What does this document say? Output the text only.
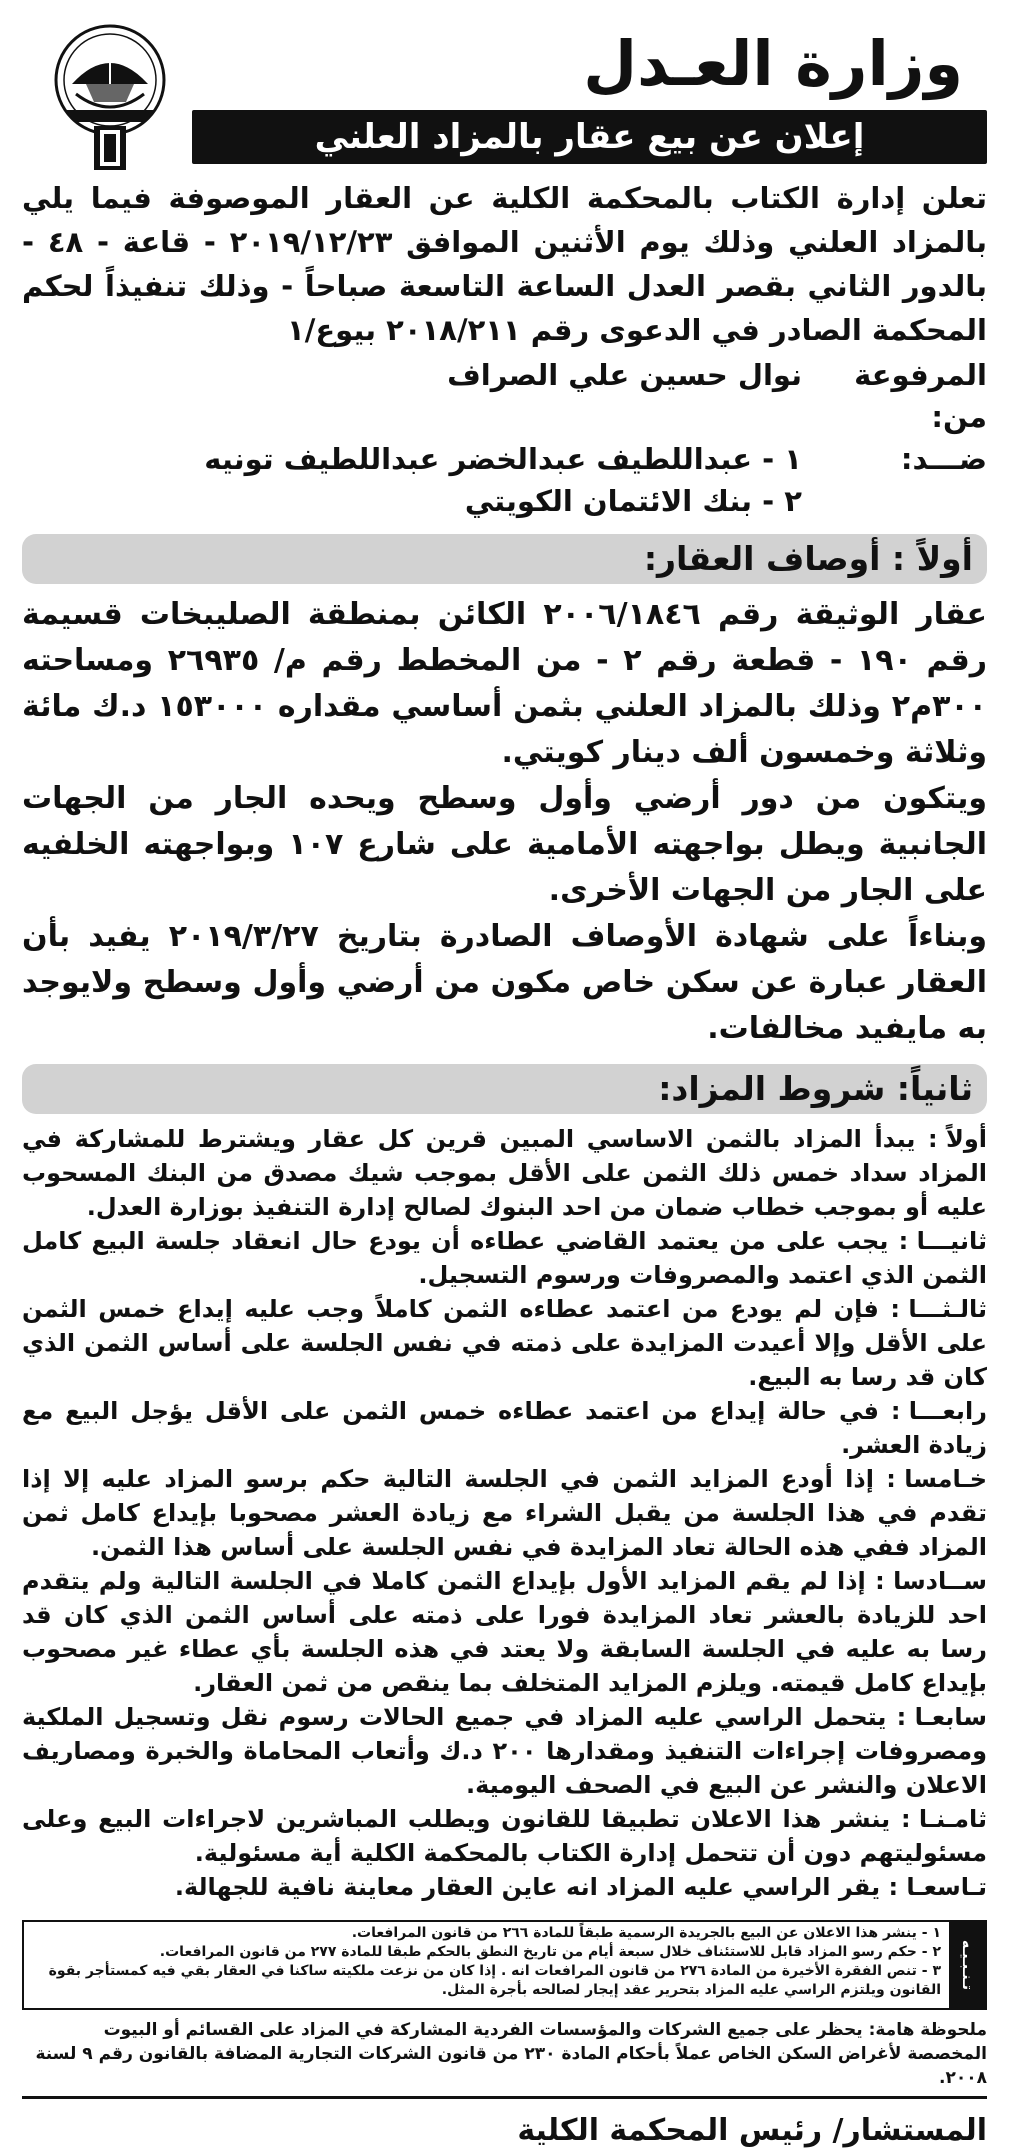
وزارة العـدل
إعلان عن بيع عقار بالمزاد العلني

تعلن إدارة الكتاب بالمحكمة الكلية عن العقار الموصوفة فيما يلي بالمزاد العلني وذلك يوم الأثنين الموافق ٢٠١٩/١٢/٢٣ - قاعة - ٤٨ - بالدور الثاني بقصر العدل الساعة التاسعة صباحاً - وذلك تنفيذاً لحكم المحكمة الصادر في الدعوى رقم ٢٠١٨/٢١١ بيوع/١

المرفوعة من:
نوال حسين علي الصراف
ضـــد:
١ - عبداللطيف عبدالخضر عبداللطيف تونيه
٢ - بنك الائتمان الكويتي
أولاً : أوصاف العقار:

عقار الوثيقة رقم ٢٠٠٦/١٨٤٦ الكائن بمنطقة الصليبخات قسيمة رقم ١٩٠ - قطعة رقم ٢ - من المخطط رقم م/ ٢٦٩٣٥ ومساحته ٣٠٠م٢ وذلك بالمزاد العلني بثمن أساسي مقداره ١٥٣٠٠٠ د.ك مائة وثلاثة وخمسون ألف دينار كويتي.

ويتكون من دور أرضي وأول وسطح ويحده الجار من الجهات الجانبية ويطل بواجهته الأمامية على شارع ١٠٧ وبواجهته الخلفيه على الجار من الجهات الأخرى.

وبناءاً على شهادة الأوصاف الصادرة بتاريخ ٢٠١٩/٣/٢٧ يفيد بأن العقار عبارة عن سكن خاص مكون من أرضي وأول وسطح ولايوجد به مايفيد مخالفات.

ثانياً: شروط المزاد:

أولاً : يبدأ المزاد بالثمن الاساسي المبين قرين كل عقار ويشترط للمشاركة في المزاد سداد خمس ذلك الثمن على الأقل بموجب شيك مصدق من البنك المسحوب عليه أو بموجب خطاب ضمان من احد البنوك لصالح إدارة التنفيذ بوزارة العدل.

ثانيـــا : يجب على من يعتمد القاضي عطاءه أن يودع حال انعقاد جلسة البيع كامل الثمن الذي اعتمد والمصروفات ورسوم التسجيل.

ثالـثـــا : فإن لم يودع من اعتمد عطاءه الثمن كاملاً وجب عليه إيداع خمس الثمن على الأقل وإلا أعيدت المزايدة على ذمته في نفس الجلسة على أساس الثمن الذي كان قد رسا به البيع.

رابعـــا : في حالة إيداع من اعتمد عطاءه خمس الثمن على الأقل يؤجل البيع مع زيادة العشر.

خـامسا : إذا أودع المزايد الثمن في الجلسة التالية حكم برسو المزاد عليه إلا إذا تقدم في هذا الجلسة من يقبل الشراء مع زيادة العشر مصحوبا بإيداع كامل ثمن المزاد ففي هذه الحالة تعاد المزايدة في نفس الجلسة على أساس هذا الثمن.

ســادسا : إذا لم يقم المزايد الأول بإيداع الثمن كاملا في الجلسة التالية ولم يتقدم احد للزيادة بالعشر تعاد المزايدة فورا على ذمته على أساس الثمن الذي كان قد رسا به عليه في الجلسة السابقة ولا يعتد في هذه الجلسة بأي عطاء غير مصحوب بإيداع كامل قيمته. ويلزم المزايد المتخلف بما ينقص من ثمن العقار.

سابعـا : يتحمل الراسي عليه المزاد في جميع الحالات رسوم نقل وتسجيل الملكية ومصروفات إجراءات التنفيذ ومقدارها ٢٠٠ د.ك وأتعاب المحاماة والخبرة ومصاريف الاعلان والنشر عن البيع في الصحف اليومية.

ثامـنـا : ينشر هذا الاعلان تطبيقا للقانون ويطلب المباشرين لاجراءات البيع وعلى مسئوليتهم دون أن تتحمل إدارة الكتاب بالمحكمة الكلية أية مسئولية.

تـاسعـا : يقر الراسي عليه المزاد انه عاين العقار معاينة نافية للجهالة.

تـنـبـيـه
١ - ينشر هذا الاعلان عن البيع بالجريدة الرسمية طبقاً للمادة ٢٦٦ من قانون المرافعات.
٢ - حكم رسو المزاد قابل للاستئناف خلال سبعة أيام من تاريخ النطق بالحكم طبقا للمادة ٢٧٧ من قانون المرافعات.
٣ - تنص الفقرة الأخيرة من المادة ٢٧٦ من قانون المرافعات انه . إذا كان من نزعت ملكيته ساكنا في العقار بقي فيه كمستأجر بقوة القانون ويلتزم الراسي عليه المزاد بتحرير عقد إيجار لصالحه بأجرة المثل.
ملحوظة هامة: يحظر على جميع الشركات والمؤسسات الفردية المشاركة في المزاد على القسائم أو البيوت المخصصة لأغراض السكن الخاص عملاً بأحكام المادة ٢٣٠ من قانون الشركات التجارية المضافة بالقانون رقم ٩ لسنة ٢٠٠٨.
المستشار/ رئيس المحكمة الكلية
